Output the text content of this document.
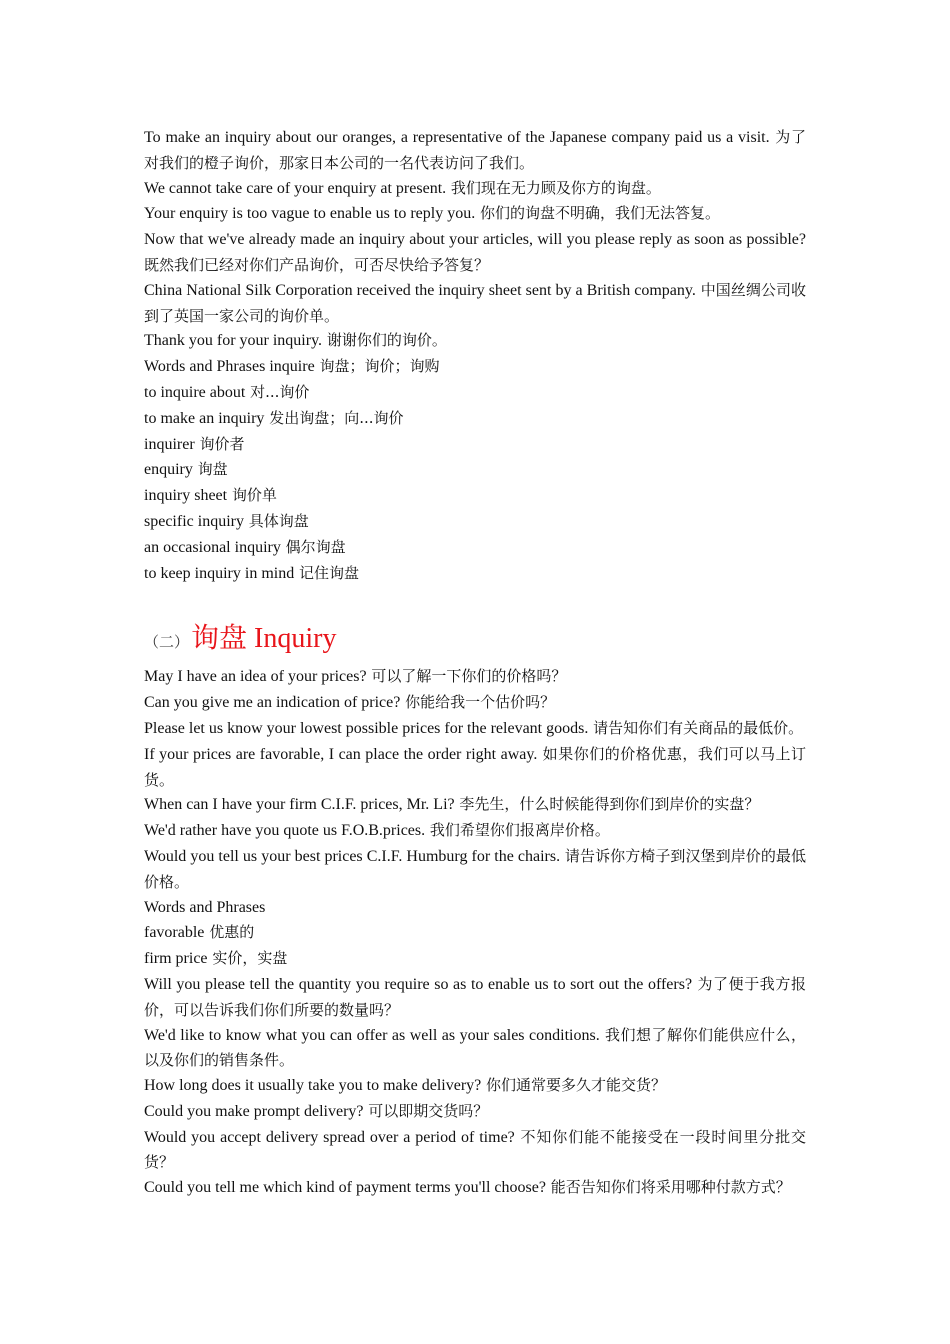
To make an inquiry about our oranges, a representative of the Japanese company paid us a visit. 为了对我们的橙子询价，那家日本公司的一名代表访问了我们。

We cannot take care of your enquiry at present. 我们现在无力顾及你方的询盘。

Your enquiry is too vague to enable us to reply you. 你们的询盘不明确，我们无法答复。

Now that we've already made an inquiry about your articles, will you please reply as soon as possible? 既然我们已经对你们产品询价，可否尽快给予答复？

China National Silk Corporation received the inquiry sheet sent by a British company. 中国丝绸公司收到了英国一家公司的询价单。

Thank you for your inquiry. 谢谢你们的询价。

Words and Phrases inquire 询盘；询价；询购

to inquire about 对...询价

to make an inquiry 发出询盘；向...询价

inquirer 询价者

enquiry 询盘

inquiry sheet 询价单

specific inquiry 具体询盘

an occasional inquiry 偶尔询盘

to keep inquiry in mind 记住询盘

（二） 询盘 Inquiry

May I have an idea of your prices? 可以了解一下你们的价格吗？

Can you give me an indication of price? 你能给我一个估价吗？

Please let us know your lowest possible prices for the relevant goods. 请告知你们有关商品的最低价。

If your prices are favorable, I can place the order right away. 如果你们的价格优惠，我们可以马上订货。

When can I have your firm C.I.F. prices, Mr. Li? 李先生，什么时候能得到你们到岸价的实盘？

We'd rather have you quote us F.O.B.prices. 我们希望你们报离岸价格。

Would you tell us your best prices C.I.F. Humburg for the chairs. 请告诉你方椅子到汉堡到岸价的最低价格。

Words and Phrases

favorable 优惠的

firm price 实价，实盘

Will you please tell the quantity you require so as to enable us to sort out the offers? 为了便于我方报价，可以告诉我们你们所要的数量吗？

We'd like to know what you can offer as well as your sales conditions. 我们想了解你们能供应什么，以及你们的销售条件。

How long does it usually take you to make delivery? 你们通常要多久才能交货？

Could you make prompt delivery? 可以即期交货吗？

Would you accept delivery spread over a period of time? 不知你们能不能接受在一段时间里分批交货？

Could you tell me which kind of payment terms you'll choose? 能否告知你们将采用哪种付款方式？
